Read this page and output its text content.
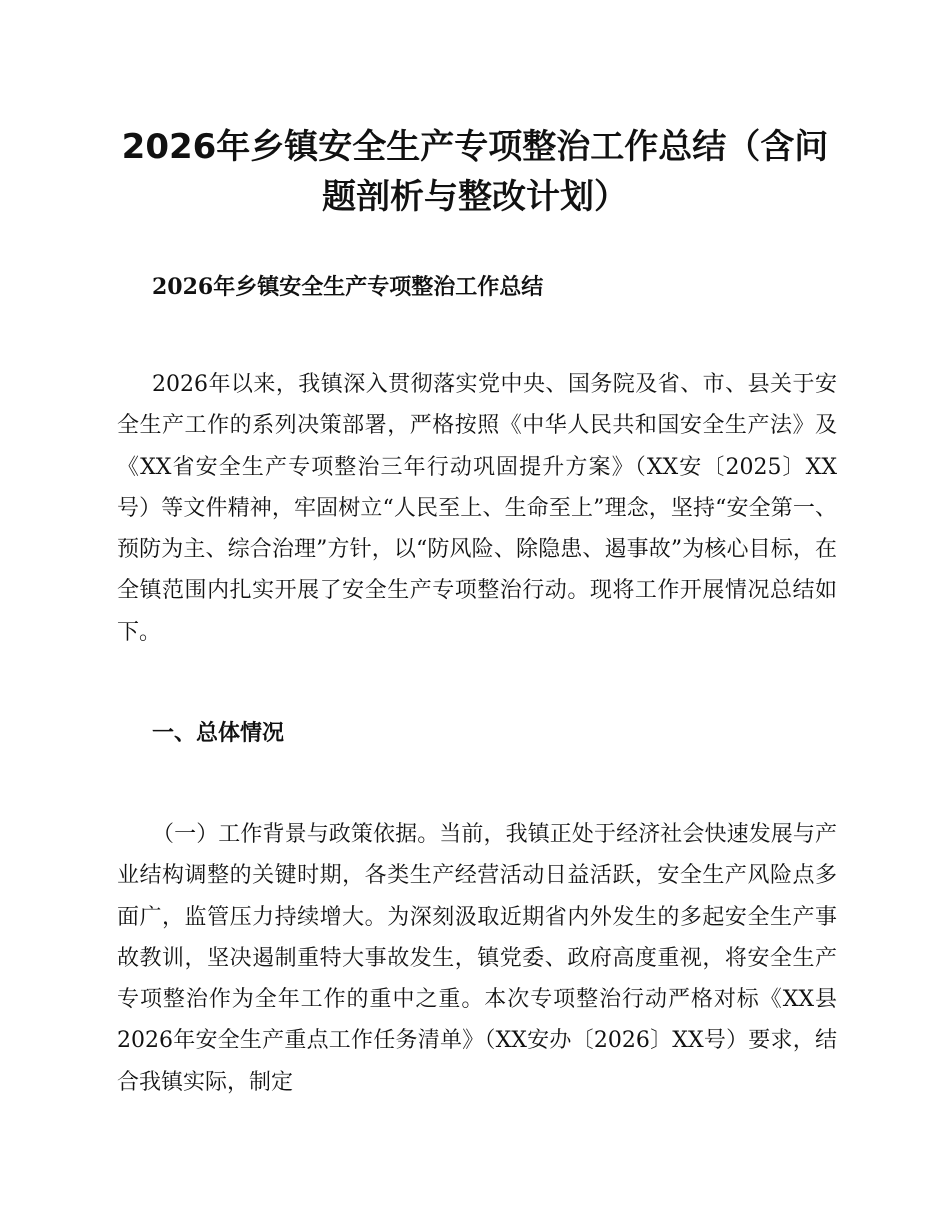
2026年乡镇安全生产专项整治工作总结（含问题剖析与整改计划）
2026年乡镇安全生产专项整治工作总结

2026年以来，我镇深入贯彻落实党中央、国务院及省、市、县关于安全生产工作的系列决策部署，严格按照《中华人民共和国安全生产法》及《XX省安全生产专项整治三年行动巩固提升方案》（XX安〔2025〕XX号）等文件精神，牢固树立“人民至上、生命至上”理念，坚持“安全第一、预防为主、综合治理”方针，以“防风险、除隐患、遏事故”为核心目标，在全镇范围内扎实开展了安全生产专项整治行动。现将工作开展情况总结如下。

一、总体情况

（一）工作背景与政策依据。当前，我镇正处于经济社会快速发展与产业结构调整的关键时期，各类生产经营活动日益活跃，安全生产风险点多面广，监管压力持续增大。为深刻汲取近期省内外发生的多起安全生产事故教训，坚决遏制重特大事故发生，镇党委、政府高度重视，将安全生产专项整治作为全年工作的重中之重。本次专项整治行动严格对标《XX县2026年安全生产重点工作任务清单》（XX安办〔2026〕XX号）要求，结合我镇实际，制定
